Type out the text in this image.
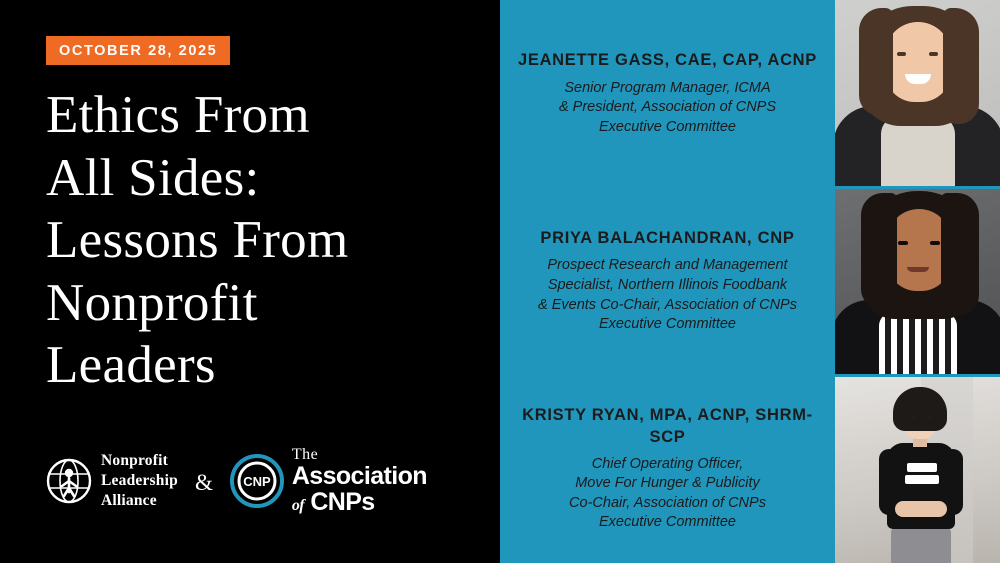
OCTOBER 28, 2025
Ethics From
All Sides:
Lessons From
Nonprofit
Leaders
Nonprofit
Leadership
Alliance
& CNP
The
Association
of CNPs
JEANETTE GASS, CAE, CAP, ACNP
Senior Program Manager, ICMA
& President, Association of CNPS
Executive Committee
PRIYA BALACHANDRAN, CNP
Prospect Research and Management
Specialist, Northern Illinois Foodbank
& Events Co-Chair, Association of CNPs
Executive Committee
KRISTY RYAN, MPA, ACNP, SHRM-SCP
Chief Operating Officer,
Move For Hunger & Publicity
Co-Chair, Association of CNPs
Executive Committee
